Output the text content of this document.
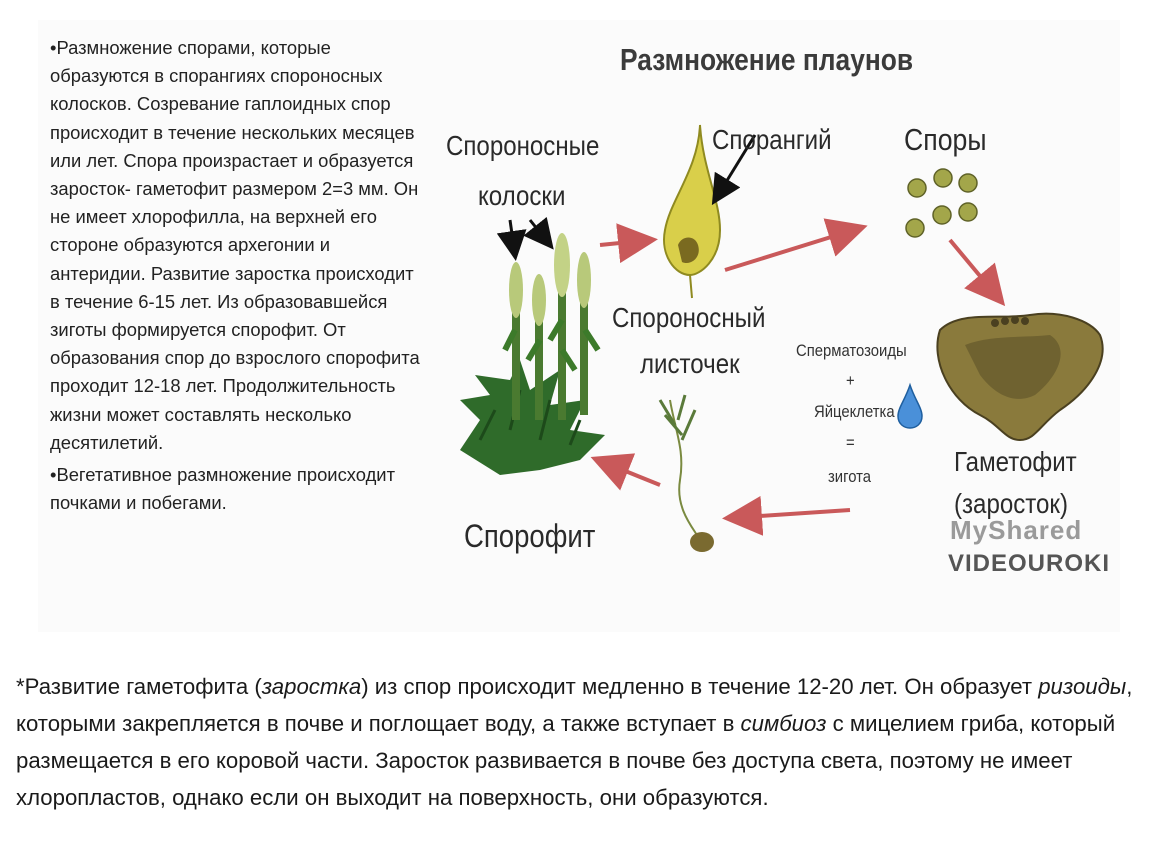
•Размножение спорами, которые образуются в спорангиях спороносных колосков. Созревание гаплоидных спор происходит в течение нескольких месяцев или лет. Спора произрастает и образуется заросток- гаметофит размером 2=3 мм. Он не имеет хлорофилла, на верхней его стороне образуются архегонии и антеридии. Развитие заростка происходит в течение 6-15 лет. Из образовавшейся зиготы формируется спорофит. От образования спор до взрослого спорофита проходит 12-18 лет. Продолжительность жизни может составлять несколько десятилетий.

•Вегетативное размножение происходит почками и побегами.

Размножение плаунов
Спороносные
колоски
Спорангий Споры
Спороносный
листочек	Сперматозоиды
+
Яйцеклетка
=
зигота	Гаметофит
(заросток)
Спорофит	MyShared
VIDEOUROKI
*Развитие гаметофита (заростка) из спор происходит медленно в течение 12-20 лет. Он образует ризоиды, которыми закрепляется в почве и поглощает воду, а также вступает в симбиоз с мицелием гриба, который размещается в его коровой части. Заросток развивается в почве без доступа света, поэтому не имеет хлоропластов, однако если он выходит на поверхность, они образуются.
